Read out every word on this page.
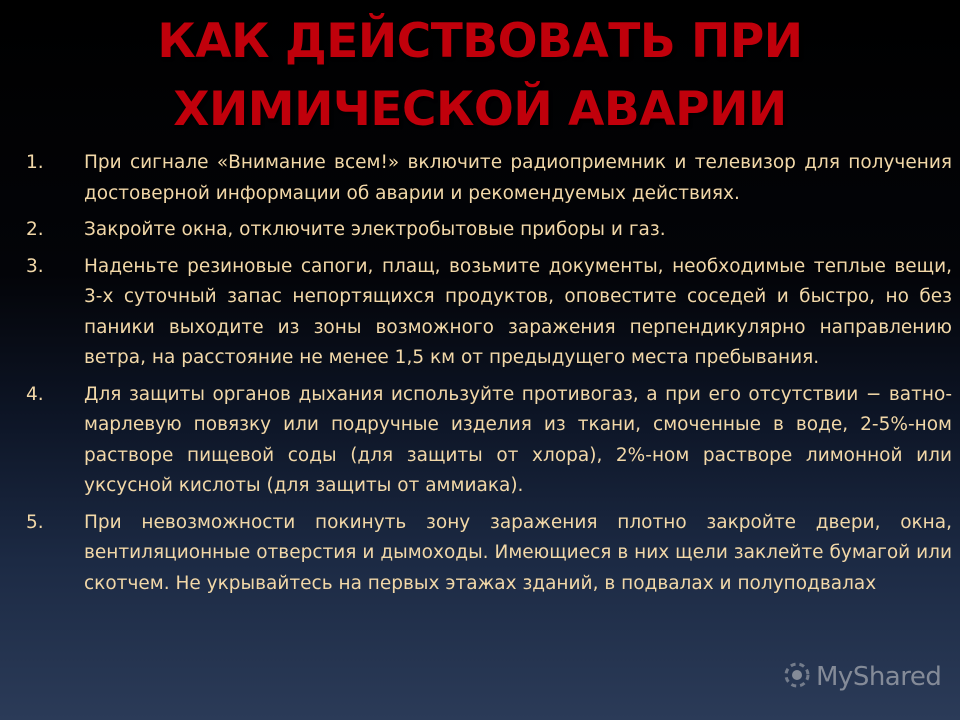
КАК ДЕЙСТВОВАТЬ ПРИ
ХИМИЧЕСКОЙ АВАРИИ
1.	При сигнале «Внимание всем!» включите радиоприемник и телевизор для получения достоверной информации об аварии и рекомендуемых действиях.
2.	Закройте окна, отключите электробытовые приборы и газ.
3.	Наденьте резиновые сапоги, плащ, возьмите документы, необходимые теплые вещи, 3-х суточный запас непортящихся продуктов, оповестите соседей и быстро, но без паники выходите из зоны возможного заражения перпендикулярно направлению ветра, на расстояние не менее 1,5 км от предыдущего места пребывания.
4.	Для защиты органов дыхания используйте противогаз, а при его отсутствии − ватно-марлевую повязку или подручные изделия из ткани, смоченные в воде, 2-5%-ном растворе пищевой соды (для защиты от хлора), 2%-ном растворе лимонной или уксусной кислоты (для защиты от аммиака).
5.	При невозможности покинуть зону заражения плотно закройте двери, окна, вентиляционные отверстия и дымоходы. Имеющиеся в них щели заклейте бумагой или скотчем. Не укрывайтесь на первых этажах зданий, в подвалах и полуподвалах
MyShared
